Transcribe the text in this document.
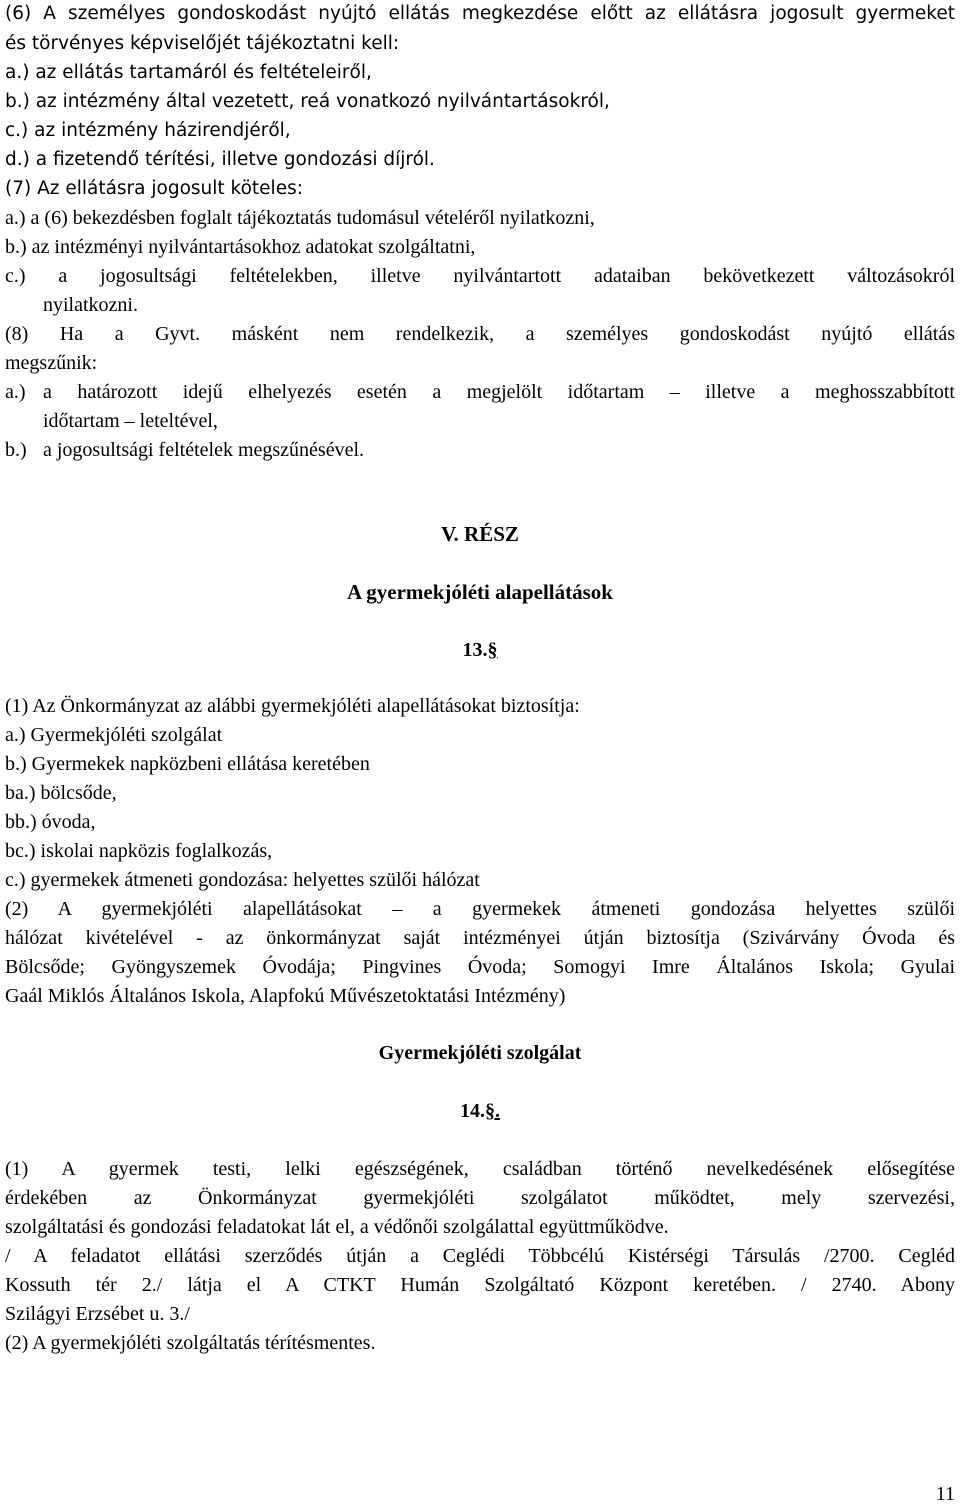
(6) A személyes gondoskodást nyújtó ellátás megkezdése előtt az ellátásra jogosult gyermeket
és törvényes képviselőjét tájékoztatni kell:
a.) az ellátás tartamáról és feltételeiről,
b.) az intézmény által vezetett, reá vonatkozó nyilvántartásokról,
c.) az intézmény házirendjéről,
d.) a fizetendő térítési, illetve gondozási díjról.
(7) Az ellátásra jogosult köteles:
a.) a (6) bekezdésben foglalt tájékoztatás tudomásul vételéről nyilatkozni,
b.) az intézményi nyilvántartásokhoz adatokat szolgáltatni,
c.) a jogosultsági feltételekben, illetve nyilvántartott adataiban bekövetkezett változásokról
nyilatkozni.
(8) Ha a Gyvt. másként nem rendelkezik, a személyes gondoskodást nyújtó ellátás
megszűnik:
a.) a határozott idejű elhelyezés esetén a megjelölt időtartam – illetve a meghosszabbított
időtartam – leteltével,
b.) a jogosultsági feltételek megszűnésével.
V. RÉSZ
A gyermekjóléti alapellátások
13.§
(1) Az Önkormányzat az alábbi gyermekjóléti alapellátásokat biztosítja:
a.) Gyermekjóléti szolgálat
b.) Gyermekek napközbeni ellátása keretében
ba.) bölcsőde,
bb.) óvoda,
bc.) iskolai napközis foglalkozás,
c.) gyermekek átmeneti gondozása: helyettes szülői hálózat
(2) A gyermekjóléti alapellátásokat – a gyermekek átmeneti gondozása helyettes szülői
hálózat kivételével - az önkormányzat saját intézményei útján biztosítja (Szivárvány Óvoda és
Bölcsőde; Gyöngyszemek Óvodája; Pingvines Óvoda; Somogyi Imre Általános Iskola; Gyulai
Gaál Miklós Általános Iskola, Alapfokú Művészetoktatási Intézmény)
Gyermekjóléti szolgálat
14.§.
(1) A gyermek testi, lelki egészségének, családban történő nevelkedésének elősegítése
érdekében az Önkormányzat gyermekjóléti szolgálatot működtet, mely szervezési,
szolgáltatási és gondozási feladatokat lát el, a védőnői szolgálattal együttműködve.
/ A feladatot ellátási szerződés útján a Ceglédi Többcélú Kistérségi Társulás /2700. Cegléd
Kossuth tér 2./ látja el A CTKT Humán Szolgáltató Központ keretében. / 2740. Abony
Szilágyi Erzsébet u. 3./
(2) A gyermekjóléti szolgáltatás térítésmentes.
11
